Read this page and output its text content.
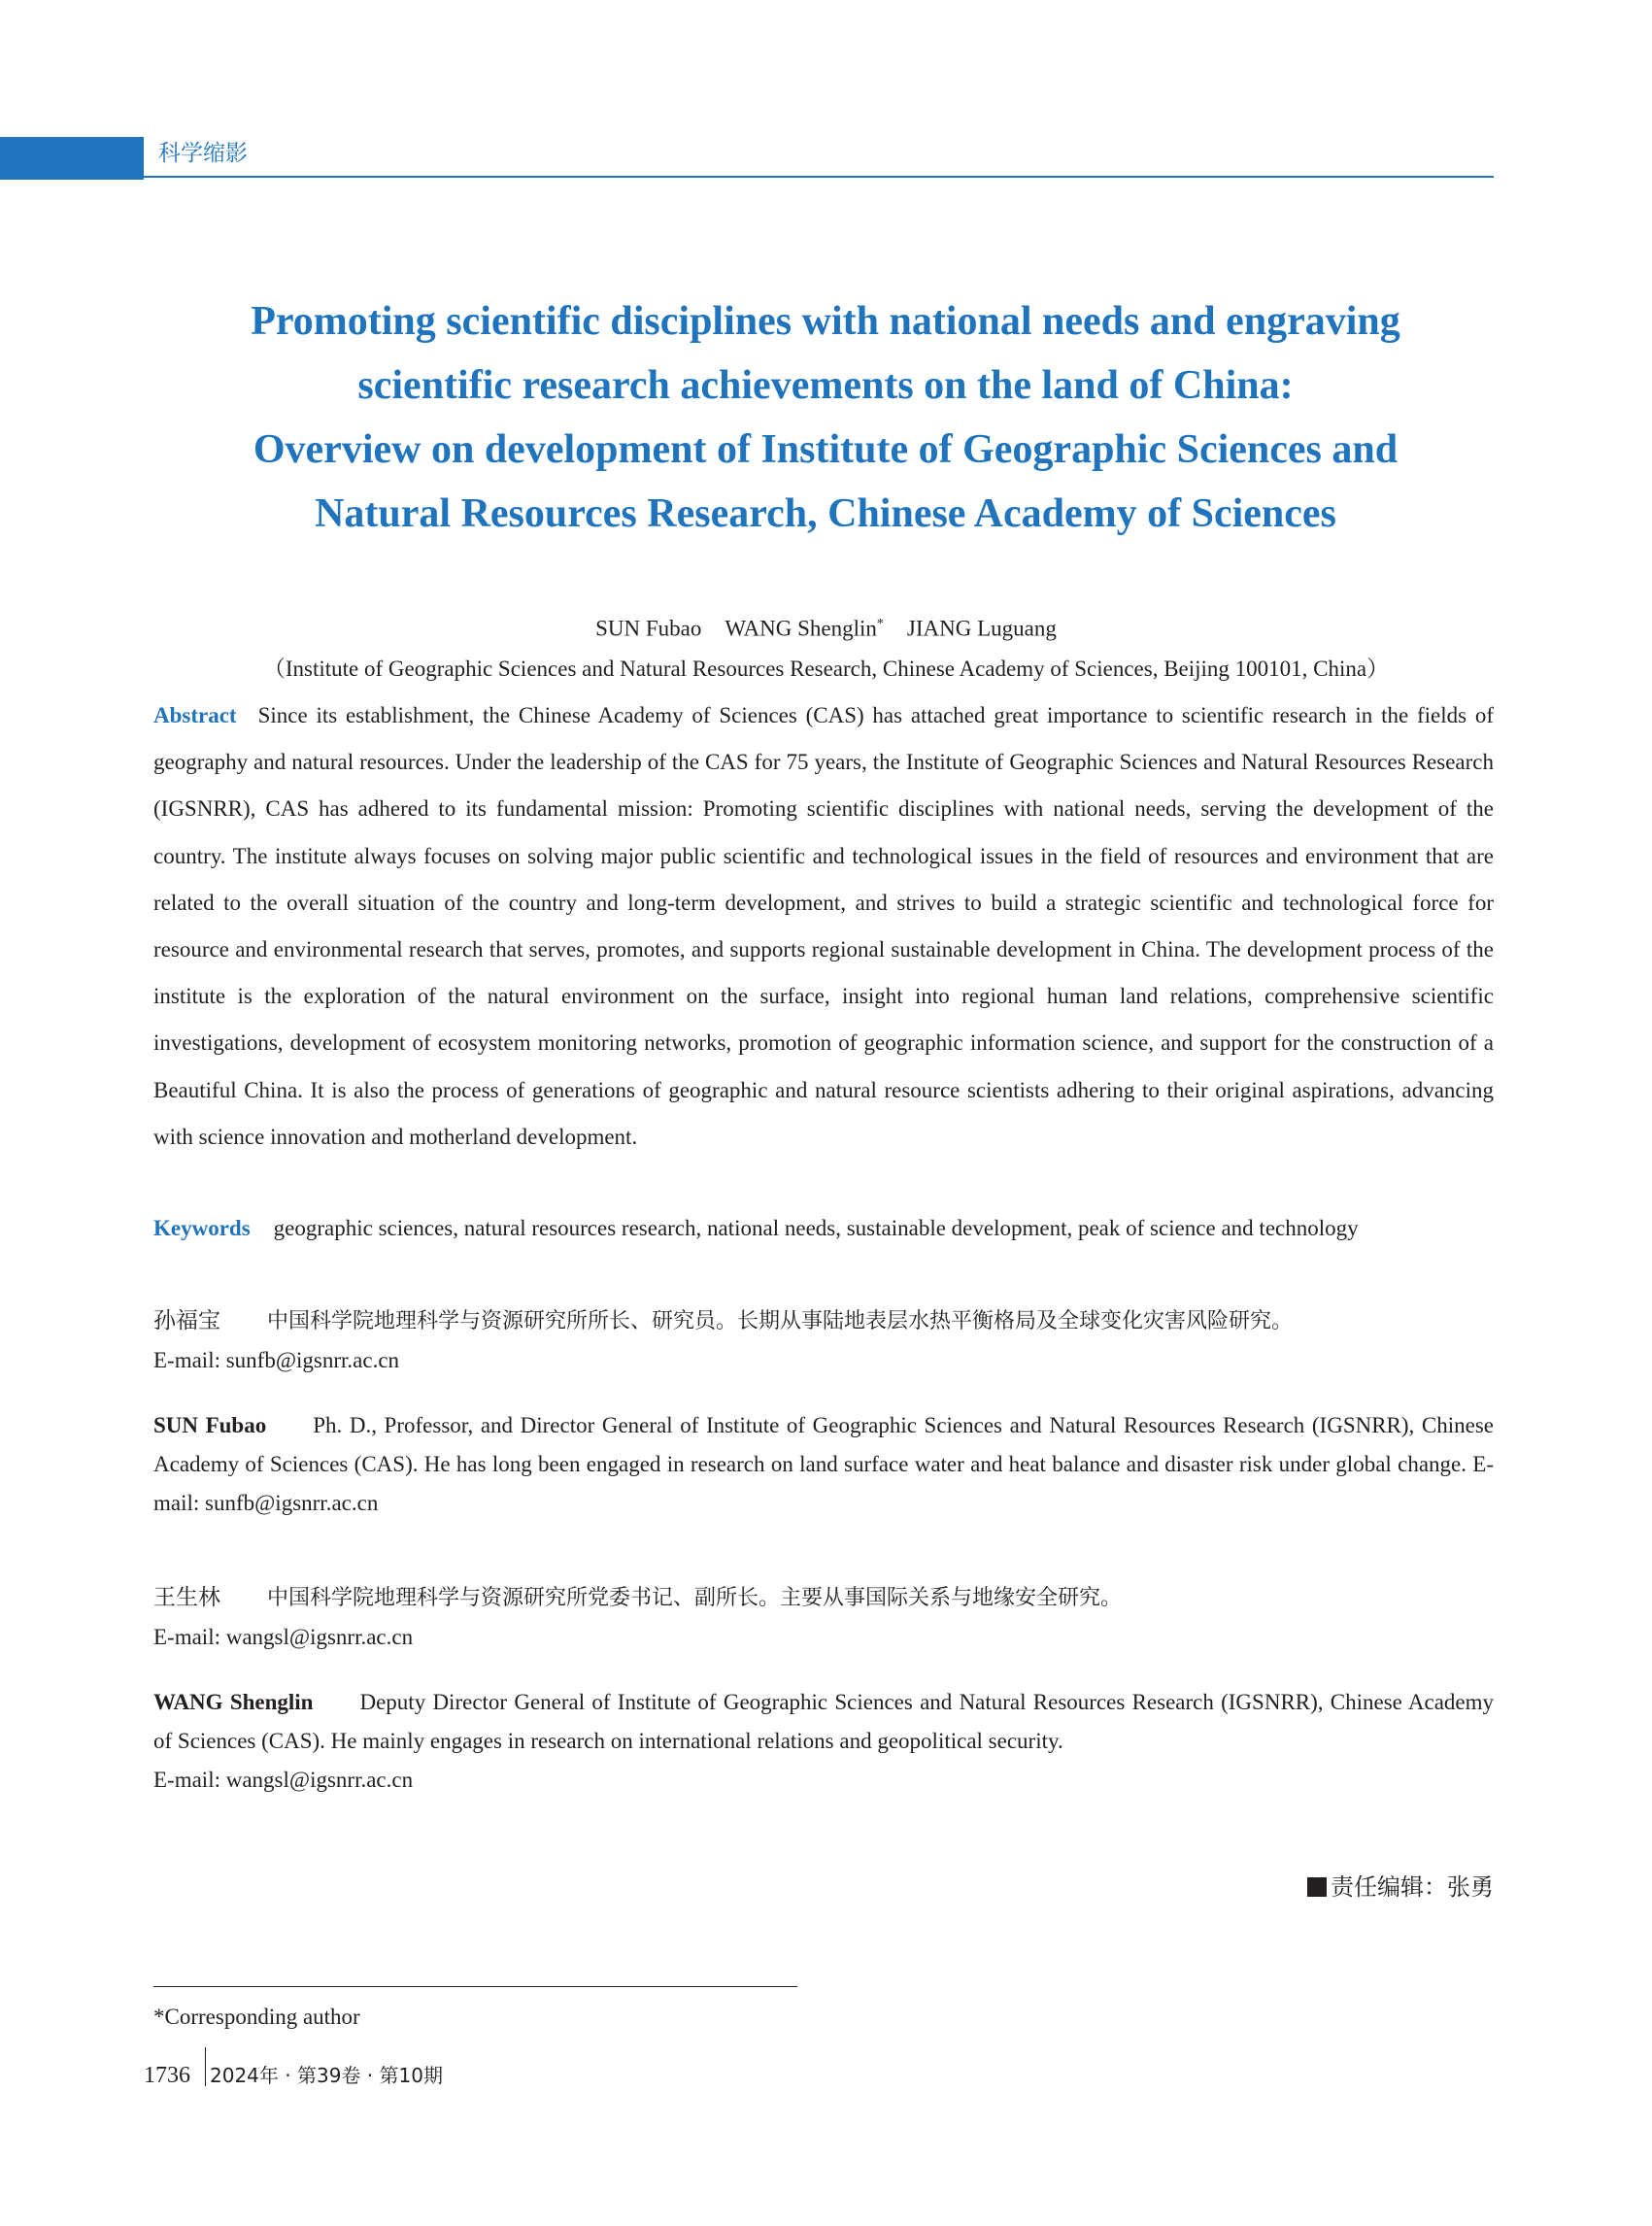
科学缩影
Promoting scientific disciplines with national needs and engraving
scientific research achievements on the land of China:
Overview on development of Institute of Geographic Sciences and
Natural Resources Research, Chinese Academy of Sciences
SUN Fubao WANG Shenglin* JIANG Luguang
（Institute of Geographic Sciences and Natural Resources Research, Chinese Academy of Sciences, Beijing 100101, China）
Abstract Since its establishment, the Chinese Academy of Sciences (CAS) has attached great importance to scientific research in the fields of geography and natural resources. Under the leadership of the CAS for 75 years, the Institute of Geographic Sciences and Natural Resources Research (IGSNRR), CAS has adhered to its fundamental mission: Promoting scientific disciplines with national needs, serving the development of the country. The institute always focuses on solving major public scientific and technological issues in the field of resources and environment that are related to the overall situation of the country and long-term development, and strives to build a strategic scientific and technological force for resource and environmental research that serves, promotes, and supports regional sustainable development in China. The development process of the institute is the exploration of the natural environment on the surface, insight into regional human land relations, comprehensive scientific investigations, development of ecosystem monitoring networks, promotion of geographic information science, and support for the construction of a Beautiful China. It is also the process of generations of geographic and natural resource scientists adhering to their original aspirations, advancing with science innovation and motherland development.
Keywords geographic sciences, natural resources research, national needs, sustainable development, peak of science and technology
孙福宝 中国科学院地理科学与资源研究所所长、研究员。长期从事陆地表层水热平衡格局及全球变化灾害风险研究。
E-mail: sunfb@igsnrr.ac.cn
SUN Fubao Ph. D., Professor, and Director General of Institute of Geographic Sciences and Natural Resources Research (IGSNRR), Chinese Academy of Sciences (CAS). He has long been engaged in research on land surface water and heat balance and disaster risk under global change. E-mail: sunfb@igsnrr.ac.cn
王生林 中国科学院地理科学与资源研究所党委书记、副所长。主要从事国际关系与地缘安全研究。
E-mail: wangsl@igsnrr.ac.cn
WANG Shenglin Deputy Director General of Institute of Geographic Sciences and Natural Resources Research (IGSNRR), Chinese Academy of Sciences (CAS). He mainly engages in research on international relations and geopolitical security.
E-mail: wangsl@igsnrr.ac.cn
责任编辑：张勇
*Corresponding author
1736 2024年 · 第39卷 · 第10期
